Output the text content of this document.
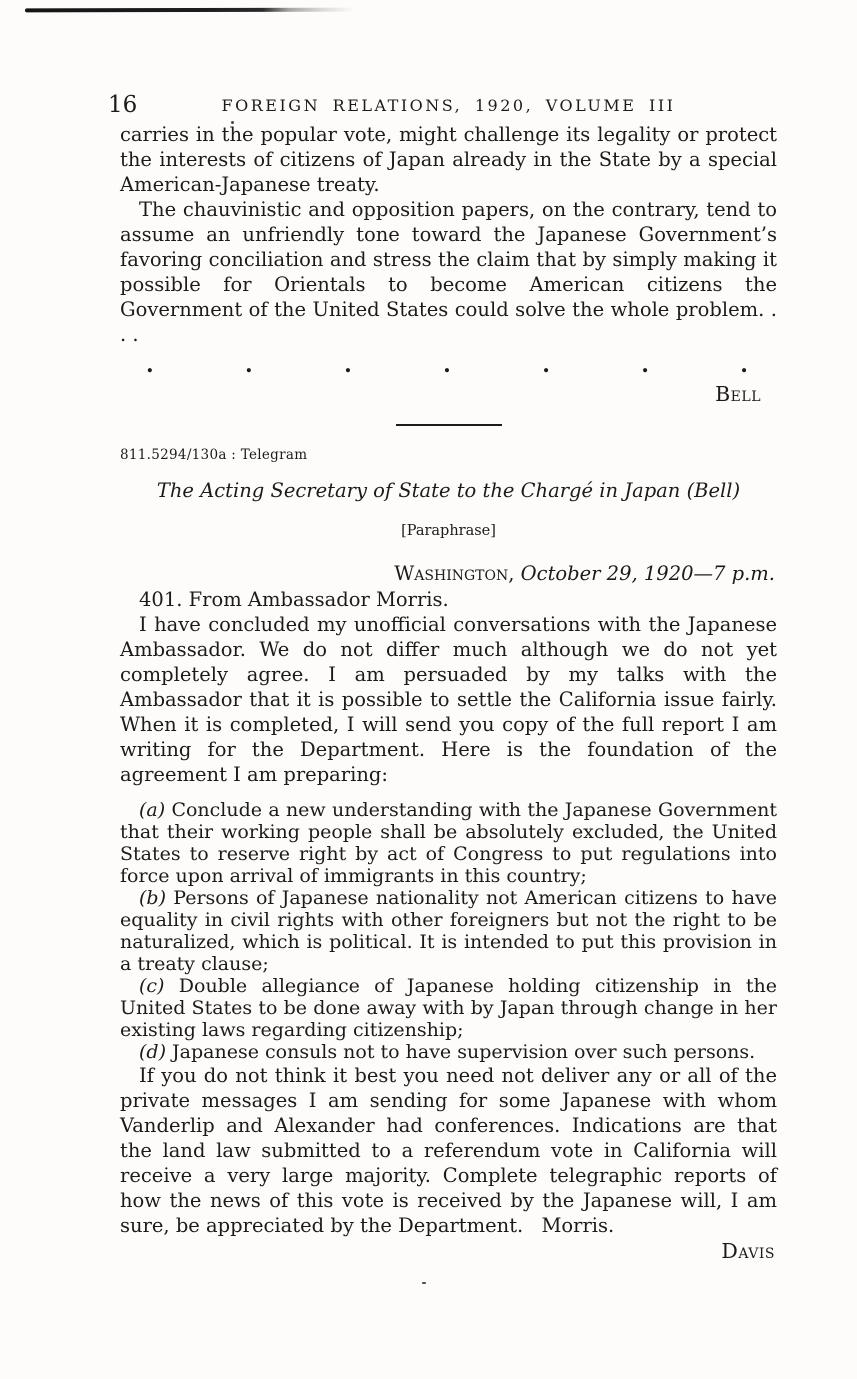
16	FOREIGN RELATIONS, 1920, VOLUME III

carries in the popular vote, might challenge its legality or protect the interests of citizens of Japan already in the State by a special American-Japanese treaty.

The chauvinistic and opposition papers, on the contrary, tend to assume an unfriendly tone toward the Japanese Government’s favoring conciliation and stress the claim that by simply making it possible for Orientals to become American citizens the Government of the United States could solve the whole problem. . . .

.	.	.	.	.	.	.
Bell
811.5294/130a : Telegram
The Acting Secretary of State to the Chargé in Japan (Bell)
[Paraphrase]
Washington, October 29, 1920—7 p.m.

401. From Ambassador Morris.

I have concluded my unofficial conversations with the Japanese Ambassador. We do not differ much although we do not yet completely agree. I am persuaded by my talks with the Ambassador that it is possible to settle the California issue fairly. When it is completed, I will send you copy of the full report I am writing for the Department. Here is the foundation of the agreement I am preparing:

(a) Conclude a new understanding with the Japanese Government that their working people shall be absolutely excluded, the United States to reserve right by act of Congress to put regulations into force upon arrival of immigrants in this country;

(b) Persons of Japanese nationality not American citizens to have equality in civil rights with other foreigners but not the right to be naturalized, which is political. It is intended to put this provision in a treaty clause;

(c) Double allegiance of Japanese holding citizenship in the United States to be done away with by Japan through change in her existing laws regarding citizenship;

(d) Japanese consuls not to have supervision over such persons.

If you do not think it best you need not deliver any or all of the private messages I am sending for some Japanese with whom Vanderlip and Alexander had conferences. Indications are that the land law submitted to a referendum vote in California will receive a very large majority. Complete telegraphic reports of how the news of this vote is received by the Japanese will, I am sure, be appreciated by the Department. Morris.

Davis
